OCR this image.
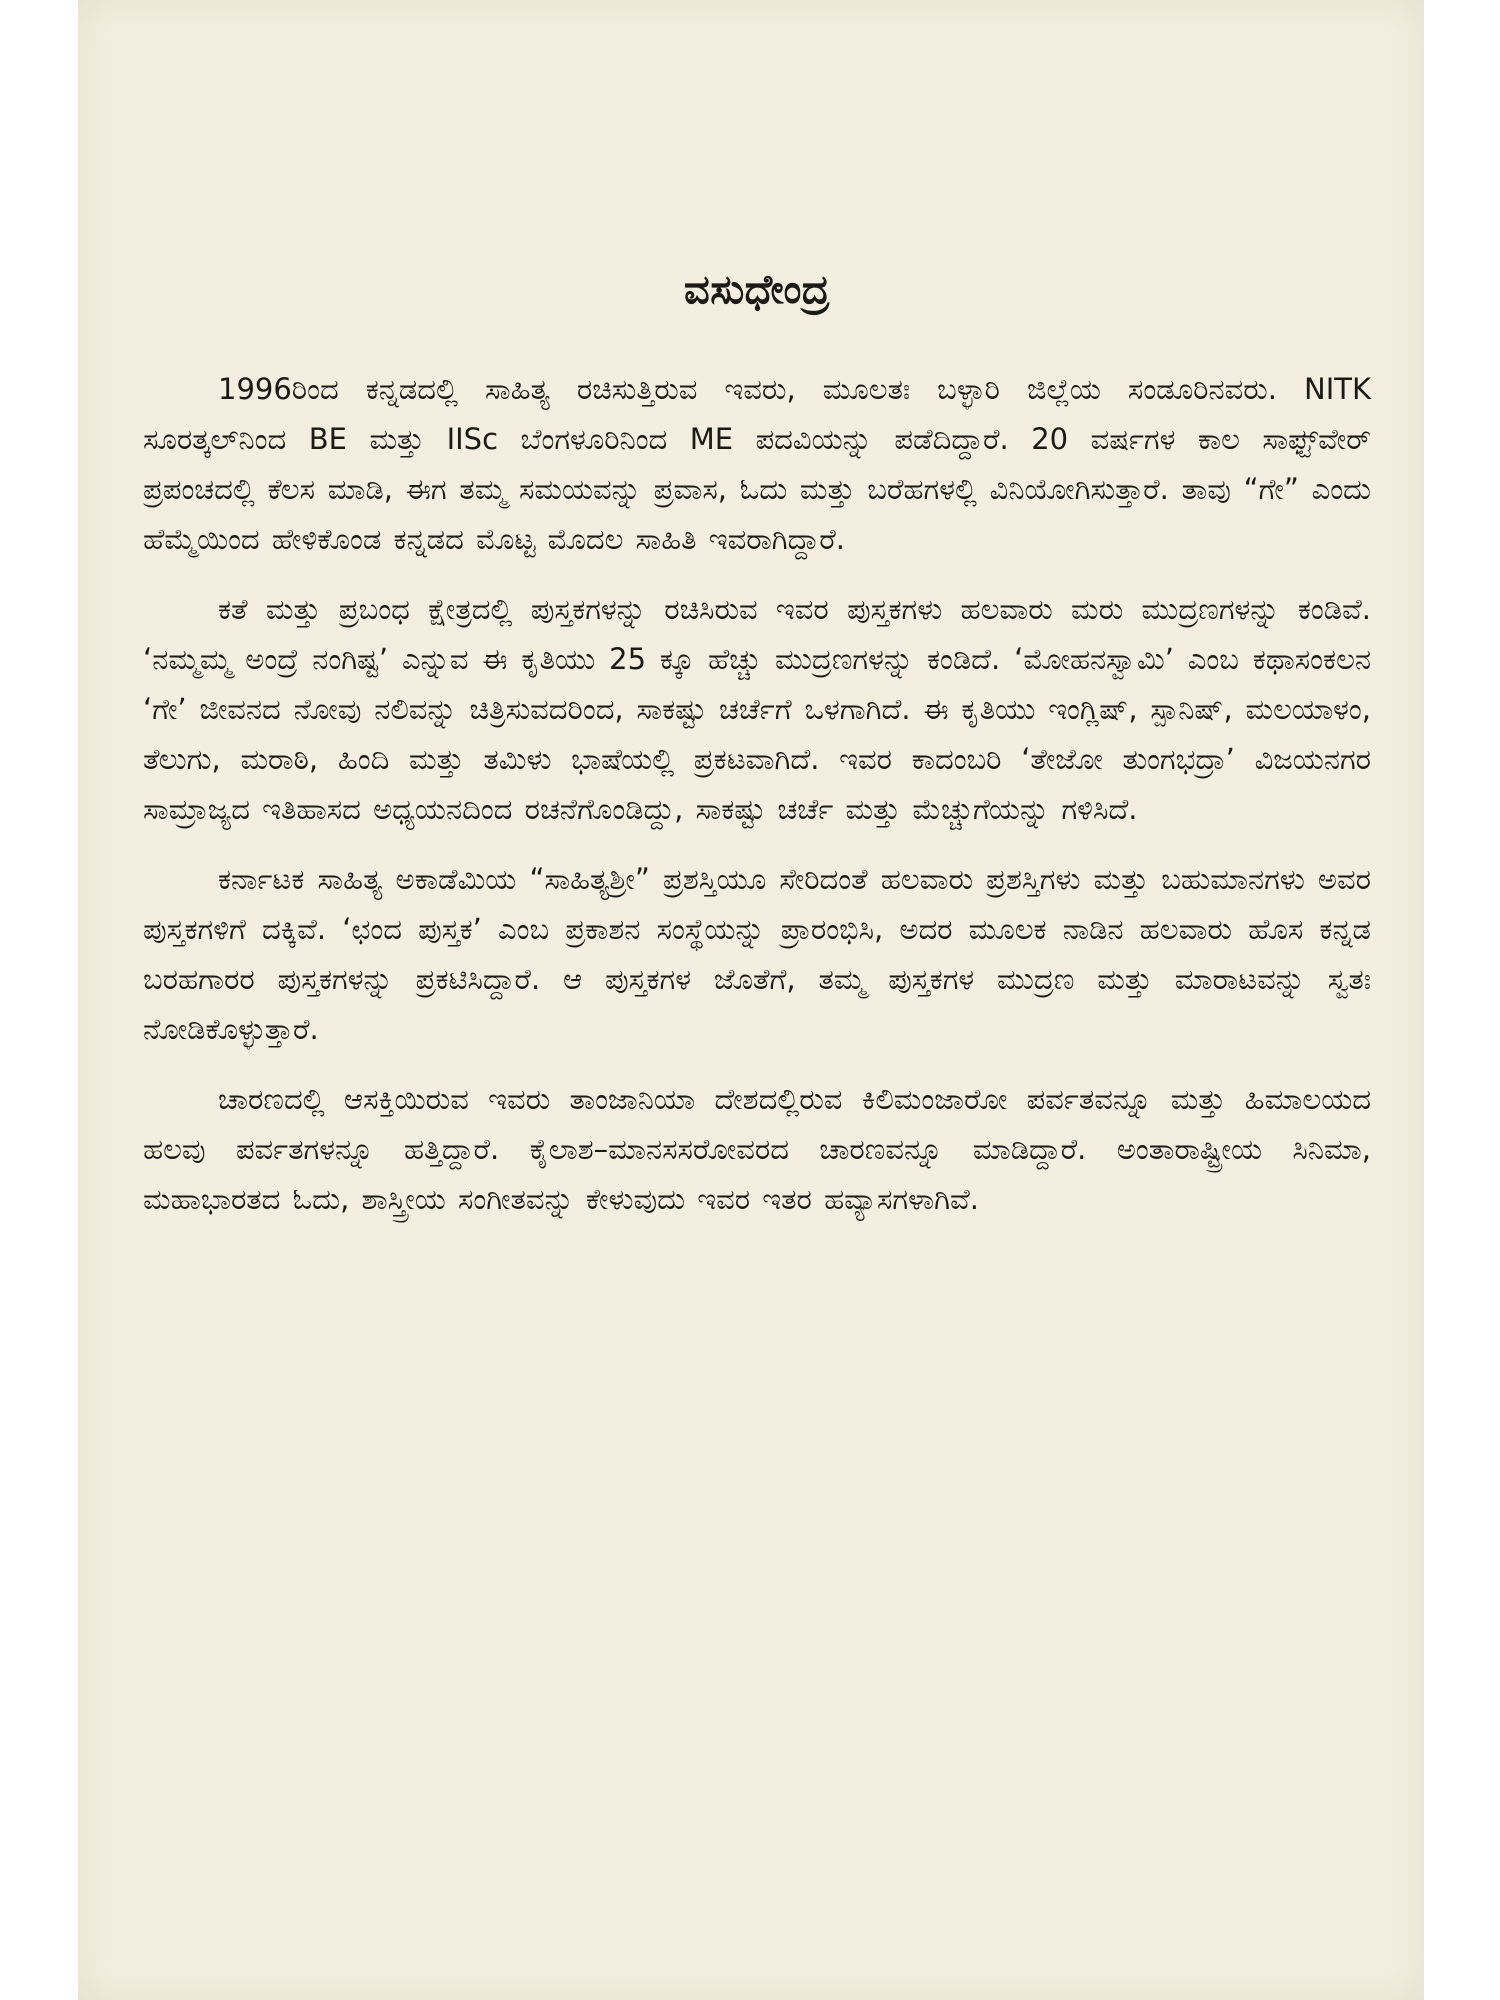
ವಸುಧೇಂದ್ರ

1996ರಿಂದ ಕನ್ನಡದಲ್ಲಿ ಸಾಹಿತ್ಯ ರಚಿಸುತ್ತಿರುವ ಇವರು, ಮೂಲತಃ ಬಳ್ಳಾರಿ ಜಿಲ್ಲೆಯ ಸಂಡೂರಿನವರು. NITK ಸೂರತ್ಕಲ್‌ನಿಂದ BE ಮತ್ತು IISc ಬೆಂಗಳೂರಿನಿಂದ ME ಪದವಿಯನ್ನು ಪಡೆದಿದ್ದಾರೆ. 20 ವರ್ಷಗಳ ಕಾಲ ಸಾಫ್ಟ್‌ವೇರ್ ಪ್ರಪಂಚದಲ್ಲಿ ಕೆಲಸ ಮಾಡಿ, ಈಗ ತಮ್ಮ ಸಮಯವನ್ನು ಪ್ರವಾಸ, ಓದು ಮತ್ತು ಬರೆಹಗಳಲ್ಲಿ ವಿನಿಯೋಗಿಸುತ್ತಾರೆ. ತಾವು “ಗೇ” ಎಂದು ಹೆಮ್ಮೆಯಿಂದ ಹೇಳಿಕೊಂಡ ಕನ್ನಡದ ಮೊಟ್ಟ ಮೊದಲ ಸಾಹಿತಿ ಇವರಾಗಿದ್ದಾರೆ.

ಕತೆ ಮತ್ತು ಪ್ರಬಂಧ ಕ್ಷೇತ್ರದಲ್ಲಿ ಪುಸ್ತಕಗಳನ್ನು ರಚಿಸಿರುವ ಇವರ ಪುಸ್ತಕಗಳು ಹಲವಾರು ಮರು ಮುದ್ರಣಗಳನ್ನು ಕಂಡಿವೆ. ‘ನಮ್ಮಮ್ಮ ಅಂದ್ರೆ ನಂಗಿಷ್ಟ’ ಎನ್ನುವ ಈ ಕೃತಿಯು 25 ಕ್ಕೂ ಹೆಚ್ಚು ಮುದ್ರಣಗಳನ್ನು ಕಂಡಿದೆ. ‘ಮೋಹನಸ್ವಾಮಿ’ ಎಂಬ ಕಥಾಸಂಕಲನ ‘ಗೇ’ ಜೀವನದ ನೋವು ನಲಿವನ್ನು ಚಿತ್ರಿಸುವದರಿಂದ, ಸಾಕಷ್ಟು ಚರ್ಚೆಗೆ ಒಳಗಾಗಿದೆ. ಈ ಕೃತಿಯು ಇಂಗ್ಲಿಷ್, ಸ್ಪಾನಿಷ್, ಮಲಯಾಳಂ, ತೆಲುಗು, ಮರಾಠಿ, ಹಿಂದಿ ಮತ್ತು ತಮಿಳು ಭಾಷೆಯಲ್ಲಿ ಪ್ರಕಟವಾಗಿದೆ. ಇವರ ಕಾದಂಬರಿ ‘ತೇಜೋ ತುಂಗಭದ್ರಾ’ ವಿಜಯನಗರ ಸಾಮ್ರಾಜ್ಯದ ಇತಿಹಾಸದ ಅಧ್ಯಯನದಿಂದ ರಚನೆಗೊಂಡಿದ್ದು, ಸಾಕಷ್ಟು ಚರ್ಚೆ ಮತ್ತು ಮೆಚ್ಚುಗೆಯನ್ನು ಗಳಿಸಿದೆ.

ಕರ್ನಾಟಕ ಸಾಹಿತ್ಯ ಅಕಾಡೆಮಿಯ “ಸಾಹಿತ್ಯಶ್ರೀ” ಪ್ರಶಸ್ತಿಯೂ ಸೇರಿದಂತೆ ಹಲವಾರು ಪ್ರಶಸ್ತಿಗಳು ಮತ್ತು ಬಹುಮಾನಗಳು ಅವರ ಪುಸ್ತಕಗಳಿಗೆ ದಕ್ಕಿವೆ. ‘ಛಂದ ಪುಸ್ತಕ’ ಎಂಬ ಪ್ರಕಾಶನ ಸಂಸ್ಥೆಯನ್ನು ಪ್ರಾರಂಭಿಸಿ, ಅದರ ಮೂಲಕ ನಾಡಿನ ಹಲವಾರು ಹೊಸ ಕನ್ನಡ ಬರಹಗಾರರ ಪುಸ್ತಕಗಳನ್ನು ಪ್ರಕಟಿಸಿದ್ದಾರೆ. ಆ ಪುಸ್ತಕಗಳ ಜೊತೆಗೆ, ತಮ್ಮ ಪುಸ್ತಕಗಳ ಮುದ್ರಣ ಮತ್ತು ಮಾರಾಟವನ್ನು ಸ್ವತಃ ನೋಡಿಕೊಳ್ಳುತ್ತಾರೆ.

ಚಾರಣದಲ್ಲಿ ಆಸಕ್ತಿಯಿರುವ ಇವರು ತಾಂಜಾನಿಯಾ ದೇಶದಲ್ಲಿರುವ ಕಿಲಿಮಂಜಾರೋ ಪರ್ವತವನ್ನೂ ಮತ್ತು ಹಿಮಾಲಯದ ಹಲವು ಪರ್ವತಗಳನ್ನೂ ಹತ್ತಿದ್ದಾರೆ. ಕೈಲಾಶ–ಮಾನಸಸರೋವರದ ಚಾರಣವನ್ನೂ ಮಾಡಿದ್ದಾರೆ. ಅಂತಾರಾಷ್ಟ್ರೀಯ ಸಿನಿಮಾ, ಮಹಾಭಾರತದ ಓದು, ಶಾಸ್ತ್ರೀಯ ಸಂಗೀತವನ್ನು ಕೇಳುವುದು ಇವರ ಇತರ ಹವ್ಯಾಸಗಳಾಗಿವೆ.
